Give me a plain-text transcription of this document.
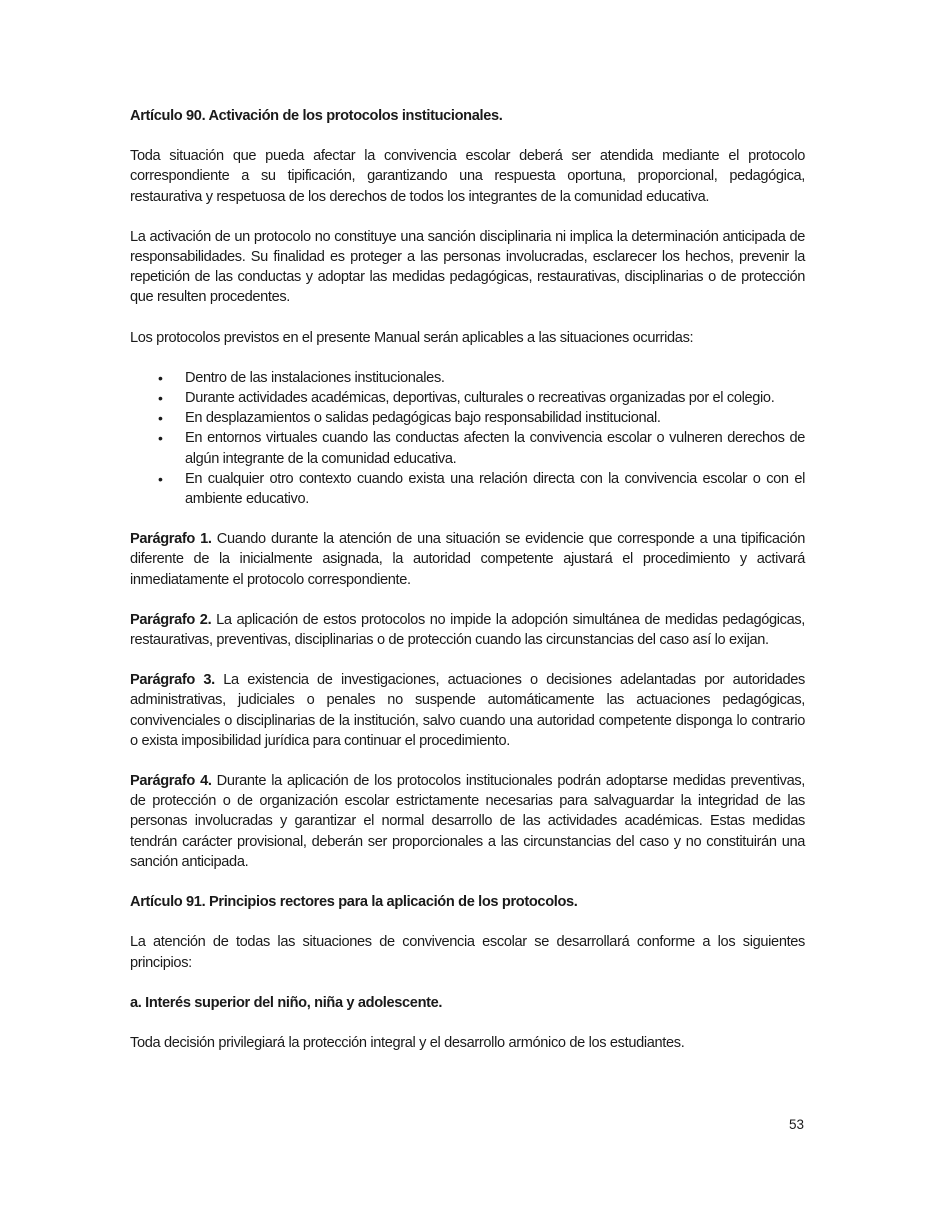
Artículo 90. Activación de los protocolos institucionales.

Toda situación que pueda afectar la convivencia escolar deberá ser atendida mediante el protocolo correspondiente a su tipificación, garantizando una respuesta oportuna, proporcional, pedagógica, restaurativa y respetuosa de los derechos de todos los integrantes de la comunidad educativa.

La activación de un protocolo no constituye una sanción disciplinaria ni implica la determinación anticipada de responsabilidades. Su finalidad es proteger a las personas involucradas, esclarecer los hechos, prevenir la repetición de las conductas y adoptar las medidas pedagógicas, restaurativas, disciplinarias o de protección que resulten procedentes.

Los protocolos previstos en el presente Manual serán aplicables a las situaciones ocurridas:

• Dentro de las instalaciones institucionales.
• Durante actividades académicas, deportivas, culturales o recreativas organizadas por el colegio.
• En desplazamientos o salidas pedagógicas bajo responsabilidad institucional.
• En entornos virtuales cuando las conductas afecten la convivencia escolar o vulneren derechos de algún integrante de la comunidad educativa.
• En cualquier otro contexto cuando exista una relación directa con la convivencia escolar o con el ambiente educativo.

Parágrafo 1. Cuando durante la atención de una situación se evidencie que corresponde a una tipificación diferente de la inicialmente asignada, la autoridad competente ajustará el procedimiento y activará inmediatamente el protocolo correspondiente.

Parágrafo 2. La aplicación de estos protocolos no impide la adopción simultánea de medidas pedagógicas, restaurativas, preventivas, disciplinarias o de protección cuando las circunstancias del caso así lo exijan.

Parágrafo 3. La existencia de investigaciones, actuaciones o decisiones adelantadas por autoridades administrativas, judiciales o penales no suspende automáticamente las actuaciones pedagógicas, convivenciales o disciplinarias de la institución, salvo cuando una autoridad competente disponga lo contrario o exista imposibilidad jurídica para continuar el procedimiento.

Parágrafo 4. Durante la aplicación de los protocolos institucionales podrán adoptarse medidas preventivas, de protección o de organización escolar estrictamente necesarias para salvaguardar la integridad de las personas involucradas y garantizar el normal desarrollo de las actividades académicas. Estas medidas tendrán carácter provisional, deberán ser proporcionales a las circunstancias del caso y no constituirán una sanción anticipada.

Artículo 91. Principios rectores para la aplicación de los protocolos.

La atención de todas las situaciones de convivencia escolar se desarrollará conforme a los siguientes principios:

a. Interés superior del niño, niña y adolescente.

Toda decisión privilegiará la protección integral y el desarrollo armónico de los estudiantes.

53
